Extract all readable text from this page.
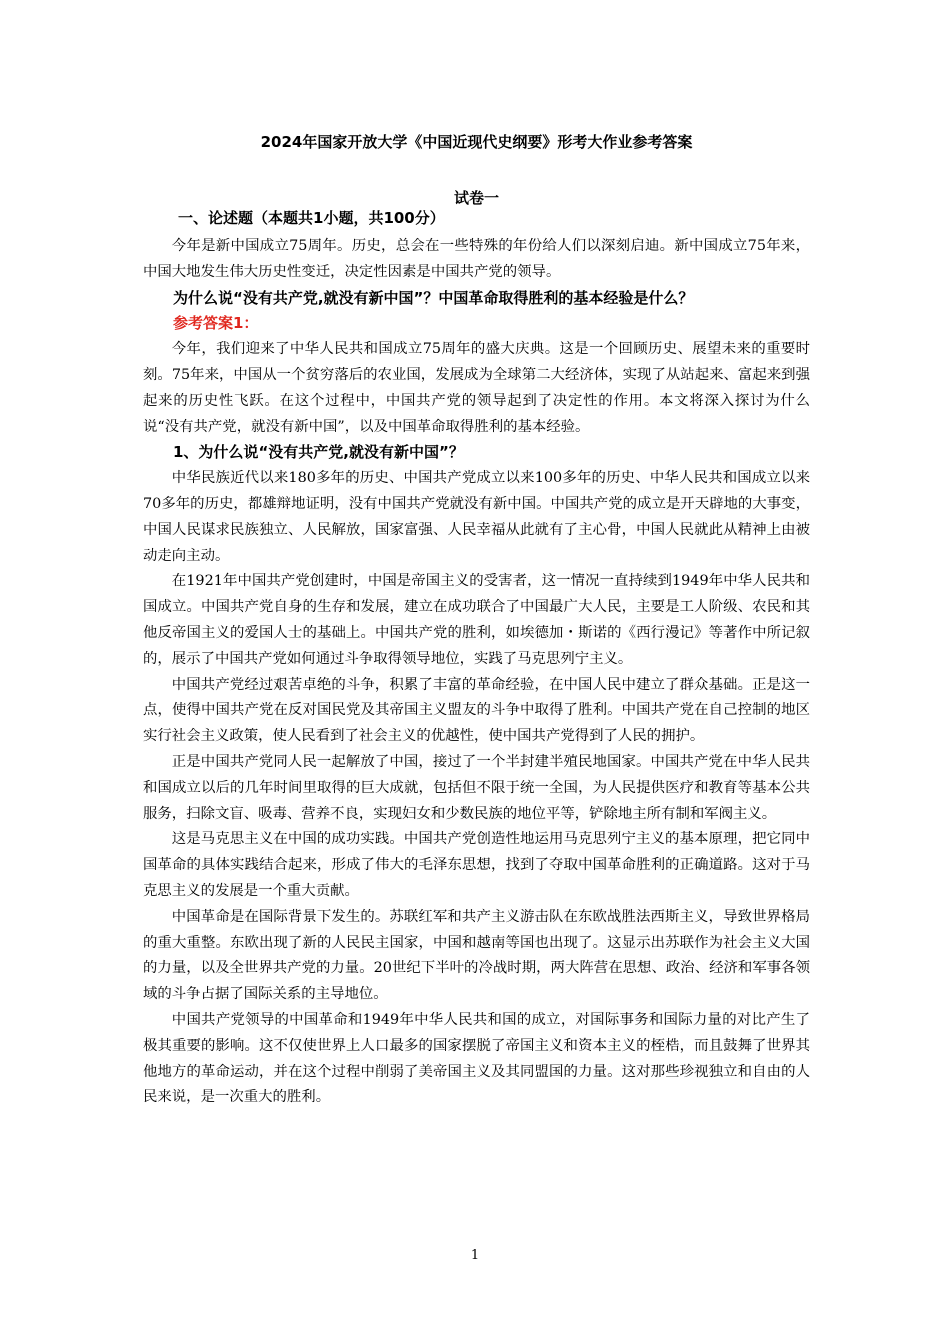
2024年国家开放大学《中国近现代史纲要》形考大作业参考答案
试卷一
一、论述题（本题共1小题，共100分）

今年是新中国成立75周年。历史，总会在一些特殊的年份给人们以深刻启迪。新中国成立75年来，中国大地发生伟大历史性变迁，决定性因素是中国共产党的领导。

为什么说“没有共产党,就没有新中国”？中国革命取得胜利的基本经验是什么？

参考答案1：

今年，我们迎来了中华人民共和国成立75周年的盛大庆典。这是一个回顾历史、展望未来的重要时刻。75年来，中国从一个贫穷落后的农业国，发展成为全球第二大经济体，实现了从站起来、富起来到强起来的历史性飞跃。在这个过程中，中国共产党的领导起到了决定性的作用。本文将深入探讨为什么说“没有共产党，就没有新中国”，以及中国革命取得胜利的基本经验。

1、为什么说“没有共产党,就没有新中国”？

中华民族近代以来180多年的历史、中国共产党成立以来100多年的历史、中华人民共和国成立以来70多年的历史，都雄辩地证明，没有中国共产党就没有新中国。中国共产党的成立是开天辟地的大事变，中国人民谋求民族独立、人民解放，国家富强、人民幸福从此就有了主心骨，中国人民就此从精神上由被动走向主动。

在1921年中国共产党创建时，中国是帝国主义的受害者，这一情况一直持续到1949年中华人民共和国成立。中国共产党自身的生存和发展，建立在成功联合了中国最广大人民，主要是工人阶级、农民和其他反帝国主义的爱国人士的基础上。中国共产党的胜利，如埃德加・斯诺的《西行漫记》等著作中所记叙的，展示了中国共产党如何通过斗争取得领导地位，实践了马克思列宁主义。

中国共产党经过艰苦卓绝的斗争，积累了丰富的革命经验，在中国人民中建立了群众基础。正是这一点，使得中国共产党在反对国民党及其帝国主义盟友的斗争中取得了胜利。中国共产党在自己控制的地区实行社会主义政策，使人民看到了社会主义的优越性，使中国共产党得到了人民的拥护。

正是中国共产党同人民一起解放了中国，接过了一个半封建半殖民地国家。中国共产党在中华人民共和国成立以后的几年时间里取得的巨大成就，包括但不限于统一全国，为人民提供医疗和教育等基本公共服务，扫除文盲、吸毒、营养不良，实现妇女和少数民族的地位平等，铲除地主所有制和军阀主义。

这是马克思主义在中国的成功实践。中国共产党创造性地运用马克思列宁主义的基本原理，把它同中国革命的具体实践结合起来，形成了伟大的毛泽东思想，找到了夺取中国革命胜利的正确道路。这对于马克思主义的发展是一个重大贡献。

中国革命是在国际背景下发生的。苏联红军和共产主义游击队在东欧战胜法西斯主义，导致世界格局的重大重整。东欧出现了新的人民民主国家，中国和越南等国也出现了。这显示出苏联作为社会主义大国的力量，以及全世界共产党的力量。20世纪下半叶的冷战时期，两大阵营在思想、政治、经济和军事各领域的斗争占据了国际关系的主导地位。

中国共产党领导的中国革命和1949年中华人民共和国的成立，对国际事务和国际力量的对比产生了极其重要的影响。这不仅使世界上人口最多的国家摆脱了帝国主义和资本主义的桎梏，而且鼓舞了世界其他地方的革命运动，并在这个过程中削弱了美帝国主义及其同盟国的力量。这对那些珍视独立和自由的人民来说，是一次重大的胜利。

1
